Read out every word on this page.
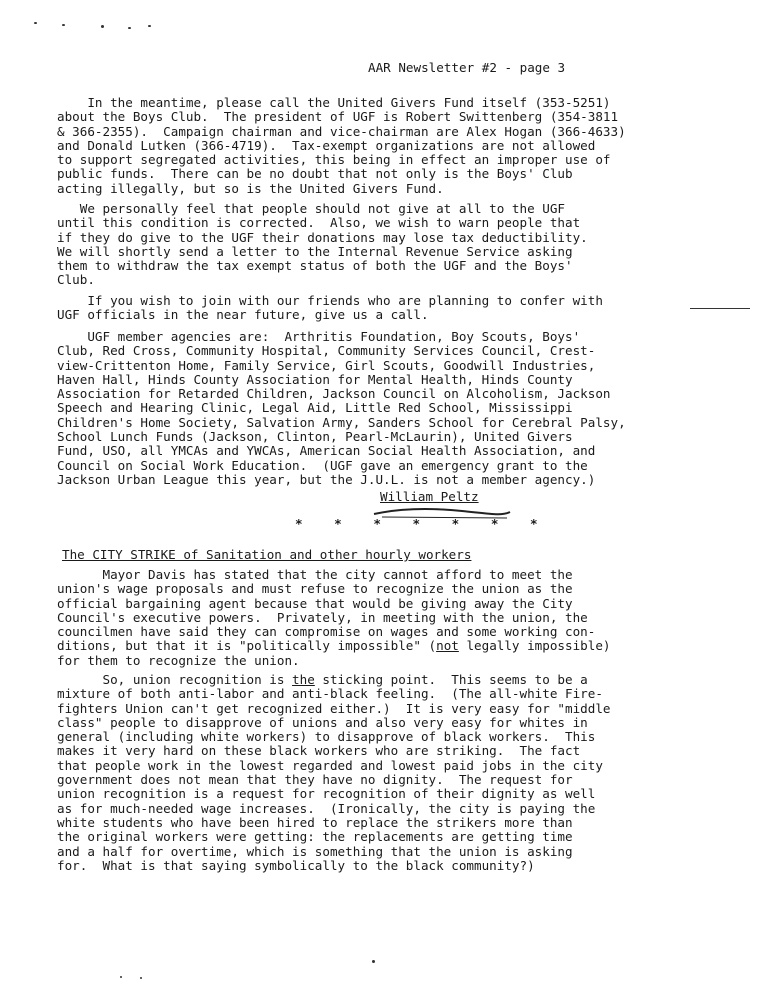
AAR Newsletter #2 - page 3
In the meantime, please call the United Givers Fund itself (353-5251)
about the Boys Club.  The president of UGF is Robert Swittenberg (354-3811
& 366-2355).  Campaign chairman and vice-chairman are Alex Hogan (366-4633)
and Donald Lutken (366-4719).  Tax-exempt organizations are not allowed
to support segregated activities, this being in effect an improper use of
public funds.  There can be no doubt that not only is the Boys' Club
acting illegally, but so is the United Givers Fund.
We personally feel that people should not give at all to the UGF
until this condition is corrected.  Also, we wish to warn people that
if they do give to the UGF their donations may lose tax deductibility.
We will shortly send a letter to the Internal Revenue Service asking
them to withdraw the tax exempt status of both the UGF and the Boys'
Club.
If you wish to join with our friends who are planning to confer with
UGF officials in the near future, give us a call.
UGF member agencies are:  Arthritis Foundation, Boy Scouts, Boys'
Club, Red Cross, Community Hospital, Community Services Council, Crest-
view-Crittenton Home, Family Service, Girl Scouts, Goodwill Industries,
Haven Hall, Hinds County Association for Mental Health, Hinds County
Association for Retarded Children, Jackson Council on Alcoholism, Jackson
Speech and Hearing Clinic, Legal Aid, Little Red School, Mississippi
Children's Home Society, Salvation Army, Sanders School for Cerebral Palsy,
School Lunch Funds (Jackson, Clinton, Pearl-McLaurin), United Givers
Fund, USO, all YMCAs and YWCAs, American Social Health Association, and
Council on Social Work Education.  (UGF gave an emergency grant to the
Jackson Urban League this year, but the J.U.L. is not a member agency.)
William Peltz
* * * * * * *
The CITY STRIKE of Sanitation and other hourly workers
Mayor Davis has stated that the city cannot afford to meet the
union's wage proposals and must refuse to recognize the union as the
official bargaining agent because that would be giving away the City
Council's executive powers.  Privately, in meeting with the union, the
councilmen have said they can compromise on wages and some working con-
ditions, but that it is "politically impossible" (not legally impossible)
for them to recognize the union.
So, union recognition is the sticking point.  This seems to be a
mixture of both anti-labor and anti-black feeling.  (The all-white Fire-
fighters Union can't get recognized either.)  It is very easy for "middle
class" people to disapprove of unions and also very easy for whites in
general (including white workers) to disapprove of black workers.  This
makes it very hard on these black workers who are striking.  The fact
that people work in the lowest regarded and lowest paid jobs in the city
government does not mean that they have no dignity.  The request for
union recognition is a request for recognition of their dignity as well
as for much-needed wage increases.  (Ironically, the city is paying the
white students who have been hired to replace the strikers more than
the original workers were getting: the replacements are getting time
and a half for overtime, which is something that the union is asking
for.  What is that saying symbolically to the black community?)
